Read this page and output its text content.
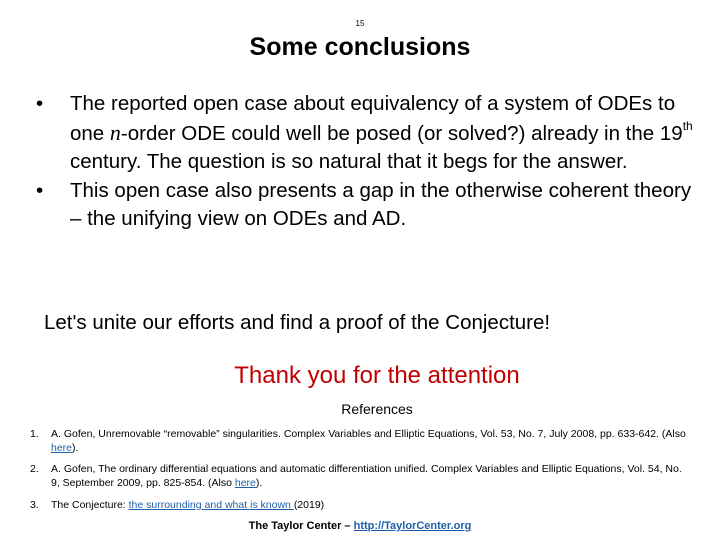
15
Some conclusions
• The reported open case about equivalency of a system of ODEs to one n-order ODE could well be posed (or solved?) already in the 19th century. The question is so natural that it begs for the answer.
• This open case also presents a gap in the otherwise coherent theory – the unifying view on ODEs and AD.
Let's unite our efforts and find a proof of the Conjecture!
Thank you for the attention
References
1. A. Gofen, Unremovable “removable” singularities. Complex Variables and Elliptic Equations, Vol. 53, No. 7, July 2008, pp. 633-642. (Also here).
2. A. Gofen, The ordinary differential equations and automatic differentiation unified. Complex Variables and Elliptic Equations, Vol. 54, No. 9, September 2009, pp. 825-854. (Also here).
3. The Conjecture: the surrounding and what is known (2019)
The Taylor Center – http://TaylorCenter.org
